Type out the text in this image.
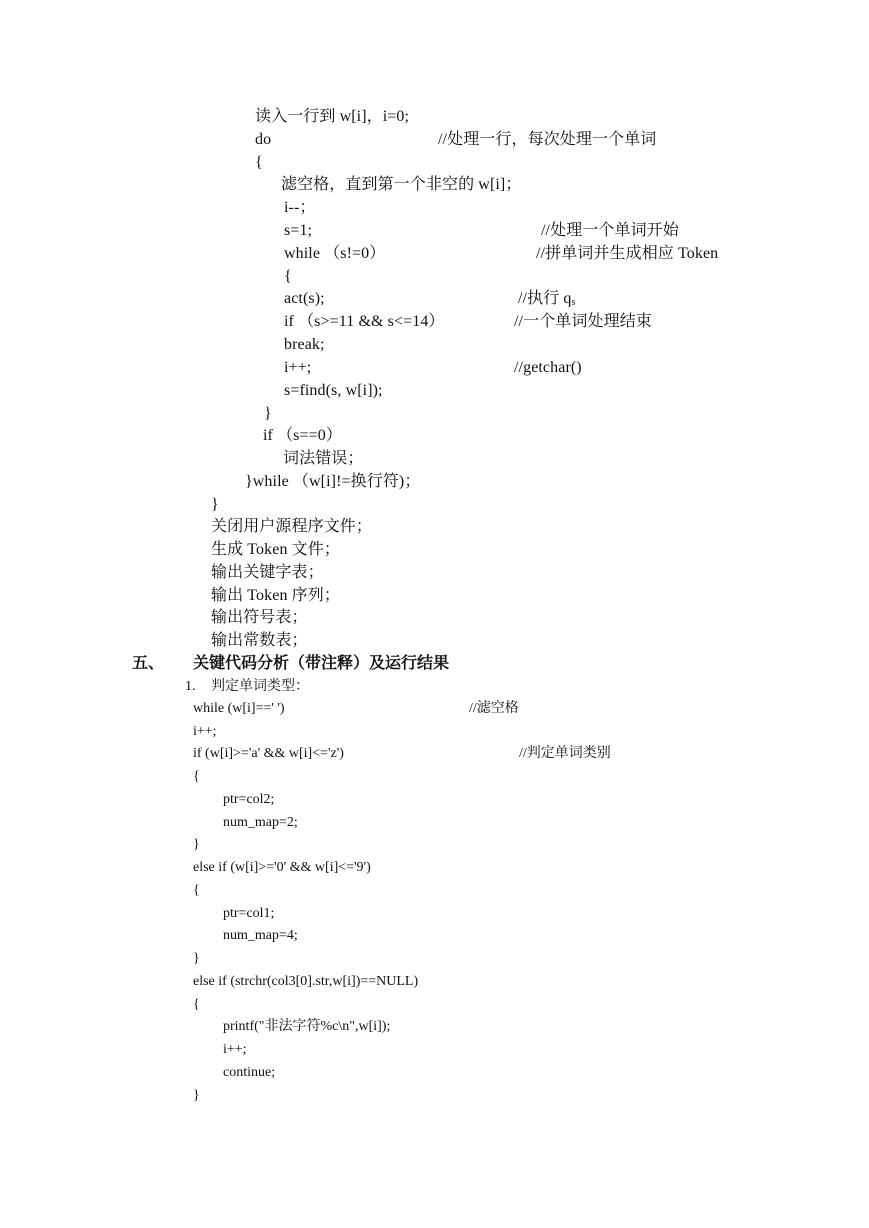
读入一行到 w[i]，i=0;
do	//处理一行，每次处理一个单词
{
滤空格，直到第一个非空的 w[i]；
i--；
s=1;	//处理一个单词开始
while （s!=0）	//拼单词并生成相应 Token
{
act(s);	//执行 $q_s$
if （s>=11 && s<=14）	//一个单词处理结束
break;
i++;	//getchar()
s=find(s, w[i]);
}
if （s==0）
词法错误；
}while （w[i]!=换行符)；
}
关闭用户源程序文件；
生成 Token 文件；
输出关键字表；
输出 Token 序列；
输出符号表；
输出常数表；
五、 关键代码分析（带注释）及运行结果
1. 判定单词类型：
while (w[i]==' ')	//滤空格
i++;
if (w[i]>='a' && w[i]<='z')	//判定单词类别
{
ptr=col2;
num_map=2;
}
else if (w[i]>='0' && w[i]<='9')
{
ptr=col1;
num_map=4;
}
else if (strchr(col3[0].str,w[i])==NULL)
{
printf("非法字符%c\n",w[i]);
i++;
continue;
}
